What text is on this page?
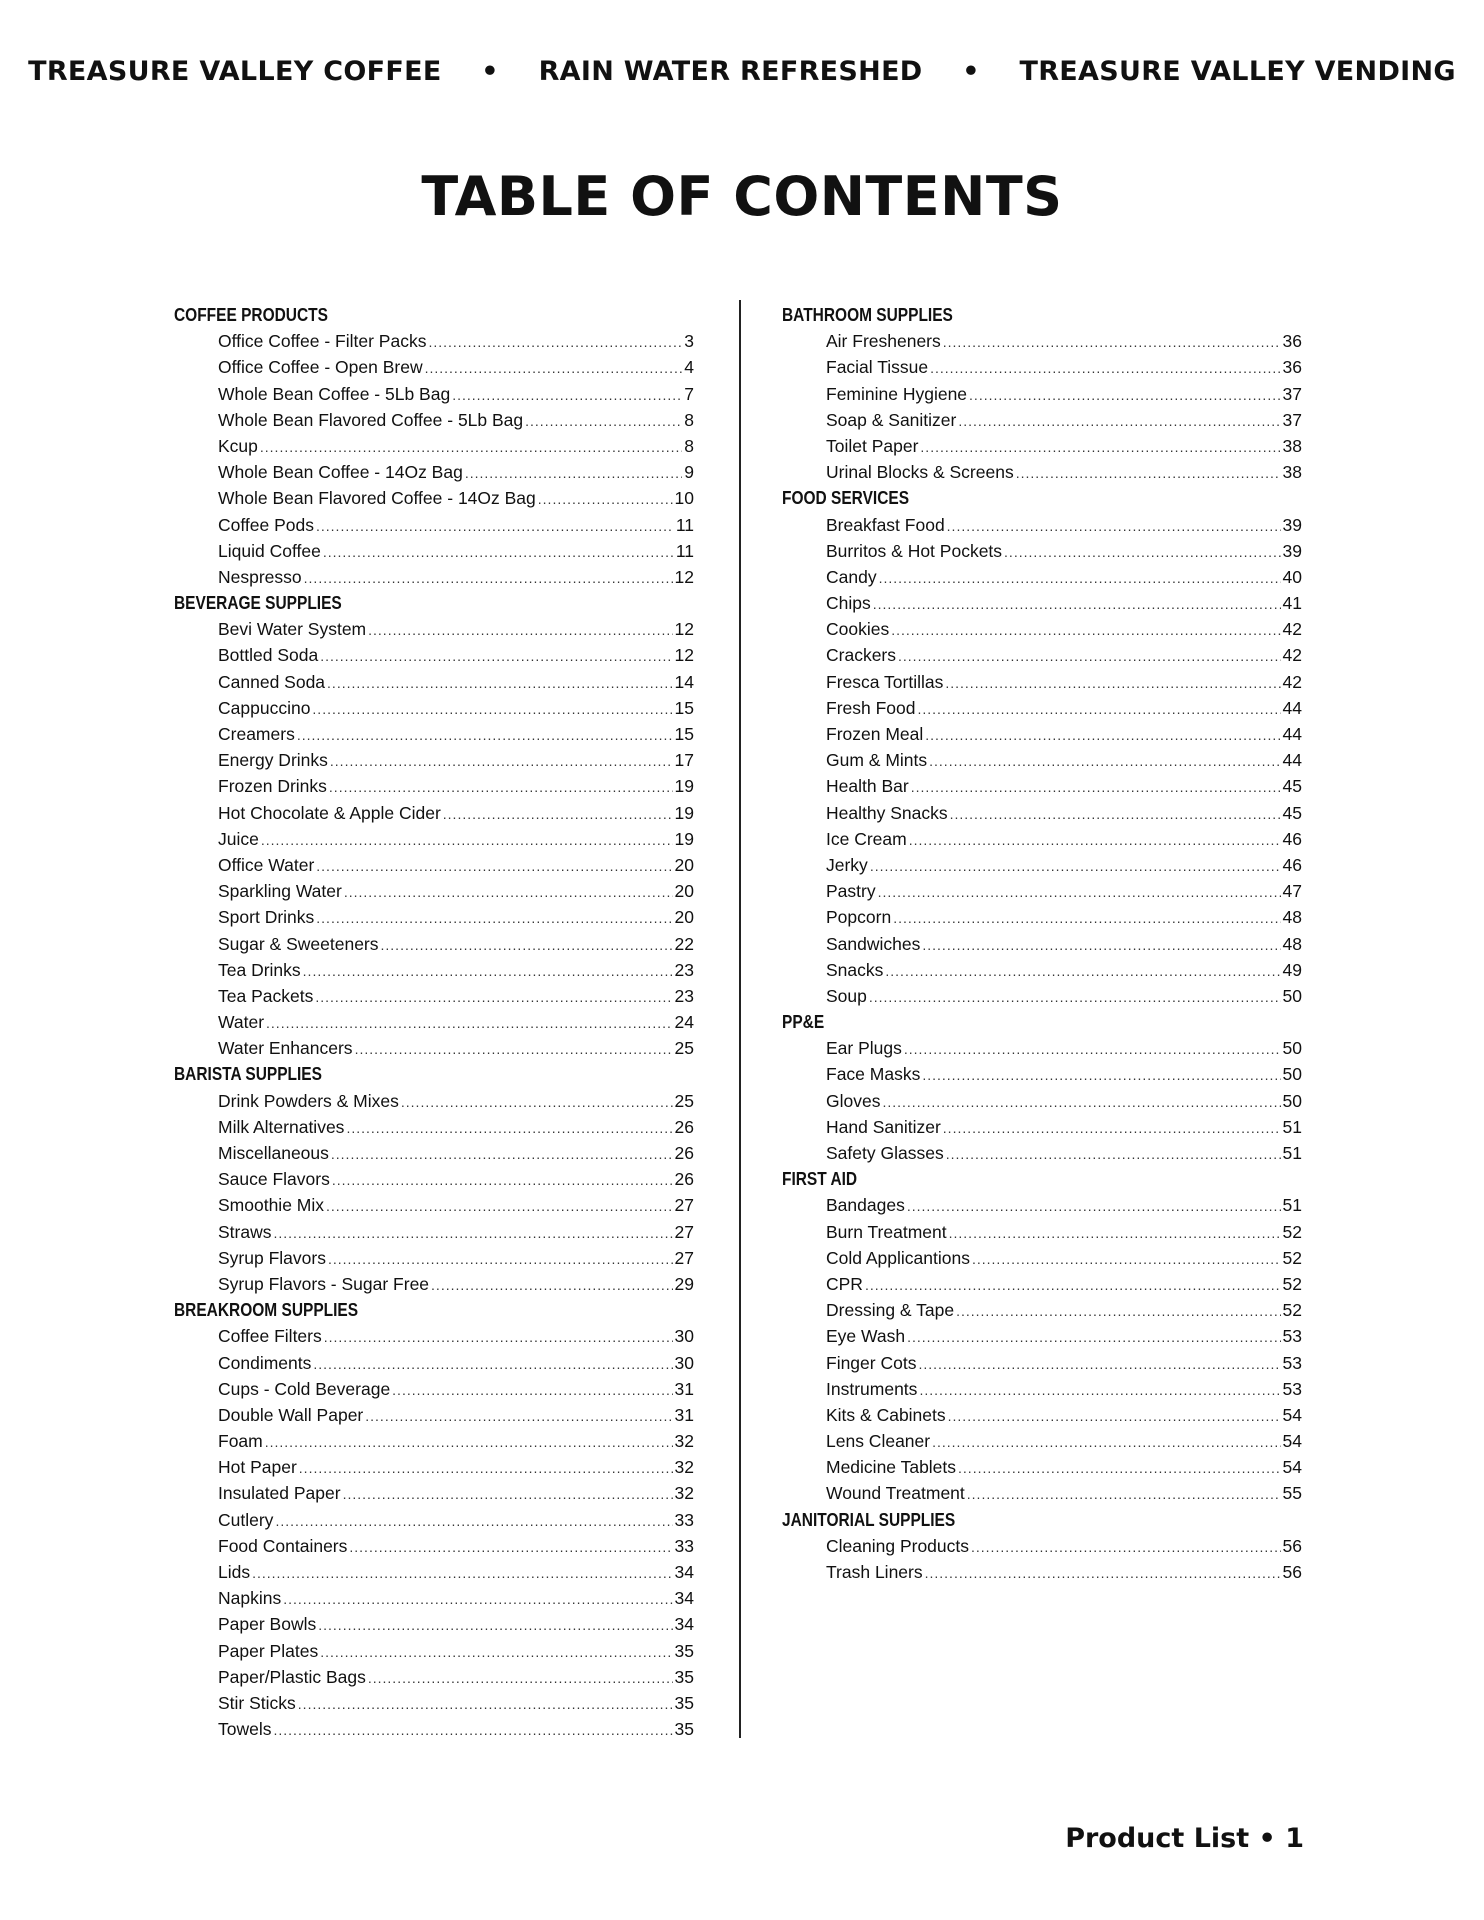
TREASURE VALLEY COFFEE • RAIN WATER REFRESHED • TREASURE VALLEY VENDING
TABLE OF CONTENTS
COFFEE PRODUCTS
Office Coffee - Filter Packs .....	3
Office Coffee - Open Brew .....	4
Whole Bean Coffee - 5Lb Bag .....	7
Whole Bean Flavored Coffee - 5Lb Bag .....	8
Kcup .....	8
Whole Bean Coffee - 14Oz Bag .....	9
Whole Bean Flavored Coffee - 14Oz Bag .....	10
Coffee Pods .....	11
Liquid Coffee .....	11
Nespresso .....	12
BEVERAGE SUPPLIES
Bevi Water System .....	12
Bottled Soda .....	12
Canned Soda .....	14
Cappuccino .....	15
Creamers .....	15
Energy Drinks .....	17
Frozen Drinks .....	19
Hot Chocolate & Apple Cider .....	19
Juice .....	19
Office Water .....	20
Sparkling Water .....	20
Sport Drinks .....	20
Sugar & Sweeteners .....	22
Tea Drinks .....	23
Tea Packets .....	23
Water .....	24
Water Enhancers .....	25
BARISTA SUPPLIES
Drink Powders & Mixes .....	25
Milk Alternatives .....	26
Miscellaneous .....	26
Sauce Flavors .....	26
Smoothie Mix .....	27
Straws .....	27
Syrup Flavors .....	27
Syrup Flavors - Sugar Free .....	29
BREAKROOM SUPPLIES
Coffee Filters .....	30
Condiments .....	30
Cups - Cold Beverage .....	31
Double Wall Paper .....	31
Foam .....	32
Hot Paper .....	32
Insulated Paper .....	32
Cutlery .....	33
Food Containers .....	33
Lids .....	34
Napkins .....	34
Paper Bowls .....	34
Paper Plates .....	35
Paper/Plastic Bags .....	35
Stir Sticks .....	35
Towels .....	35
BATHROOM SUPPLIES
Air Fresheners .....	36
Facial Tissue .....	36
Feminine Hygiene .....	37
Soap & Sanitizer .....	37
Toilet Paper .....	38
Urinal Blocks & Screens .....	38
FOOD SERVICES
Breakfast Food .....	39
Burritos & Hot Pockets .....	39
Candy .....	40
Chips .....	41
Cookies .....	42
Crackers .....	42
Fresca Tortillas .....	42
Fresh Food .....	44
Frozen Meal .....	44
Gum & Mints .....	44
Health Bar .....	45
Healthy Snacks .....	45
Ice Cream .....	46
Jerky .....	46
Pastry .....	47
Popcorn .....	48
Sandwiches .....	48
Snacks .....	49
Soup .....	50
PP&E
Ear Plugs .....	50
Face Masks .....	50
Gloves .....	50
Hand Sanitizer .....	51
Safety Glasses .....	51
FIRST AID
Bandages .....	51
Burn Treatment .....	52
Cold Applicantions .....	52
CPR .....	52
Dressing & Tape .....	52
Eye Wash .....	53
Finger Cots .....	53
Instruments .....	53
Kits & Cabinets .....	54
Lens Cleaner .....	54
Medicine Tablets .....	54
Wound Treatment .....	55
JANITORIAL SUPPLIES
Cleaning Products .....	56
Trash Liners .....	56
Product List • 1
